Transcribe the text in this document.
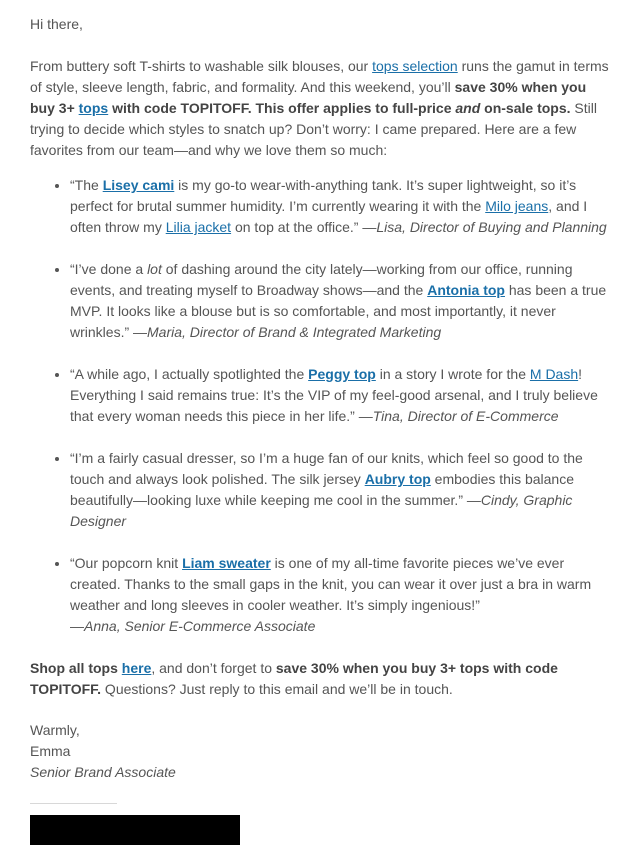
Hi there,

From buttery soft T-shirts to washable silk blouses, our tops selection runs the gamut in terms of style, sleeve length, fabric, and formality. And this weekend, you’ll save 30% when you buy 3+ tops with code TOPITOFF. This offer applies to full-price and on-sale tops. Still trying to decide which styles to snatch up? Don’t worry: I came prepared. Here are a few favorites from our team—and why we love them so much:

• “The Lisey cami is my go-to wear-with-anything tank. It’s super lightweight, so it’s perfect for brutal summer humidity. I’m currently wearing it with the Milo jeans, and I often throw my Lilia jacket on top at the office.” —Lisa, Director of Buying and Planning
• “I’ve done a lot of dashing around the city lately—working from our office, running events, and treating myself to Broadway shows—and the Antonia top has been a true MVP. It looks like a blouse but is so comfortable, and most importantly, it never wrinkles.” —Maria, Director of Brand & Integrated Marketing
• “A while ago, I actually spotlighted the Peggy top in a story I wrote for the M Dash! Everything I said remains true: It’s the VIP of my feel-good arsenal, and I truly believe that every woman needs this piece in her life.” —Tina, Director of E-Commerce
• “I’m a fairly casual dresser, so I’m a huge fan of our knits, which feel so good to the touch and always look polished. The silk jersey Aubry top embodies this balance beautifully—looking luxe while keeping me cool in the summer.” —Cindy, Graphic Designer
• “Our popcorn knit Liam sweater is one of my all-time favorite pieces we’ve ever created. Thanks to the small gaps in the knit, you can wear it over just a bra in warm weather and long sleeves in cooler weather. It’s simply ingenious!”
—Anna, Senior E-Commerce Associate

Shop all tops here, and don’t forget to save 30% when you buy 3+ tops with code TOPITOFF. Questions? Just reply to this email and we’ll be in touch.

Warmly,
Emma
Senior Brand Associate
